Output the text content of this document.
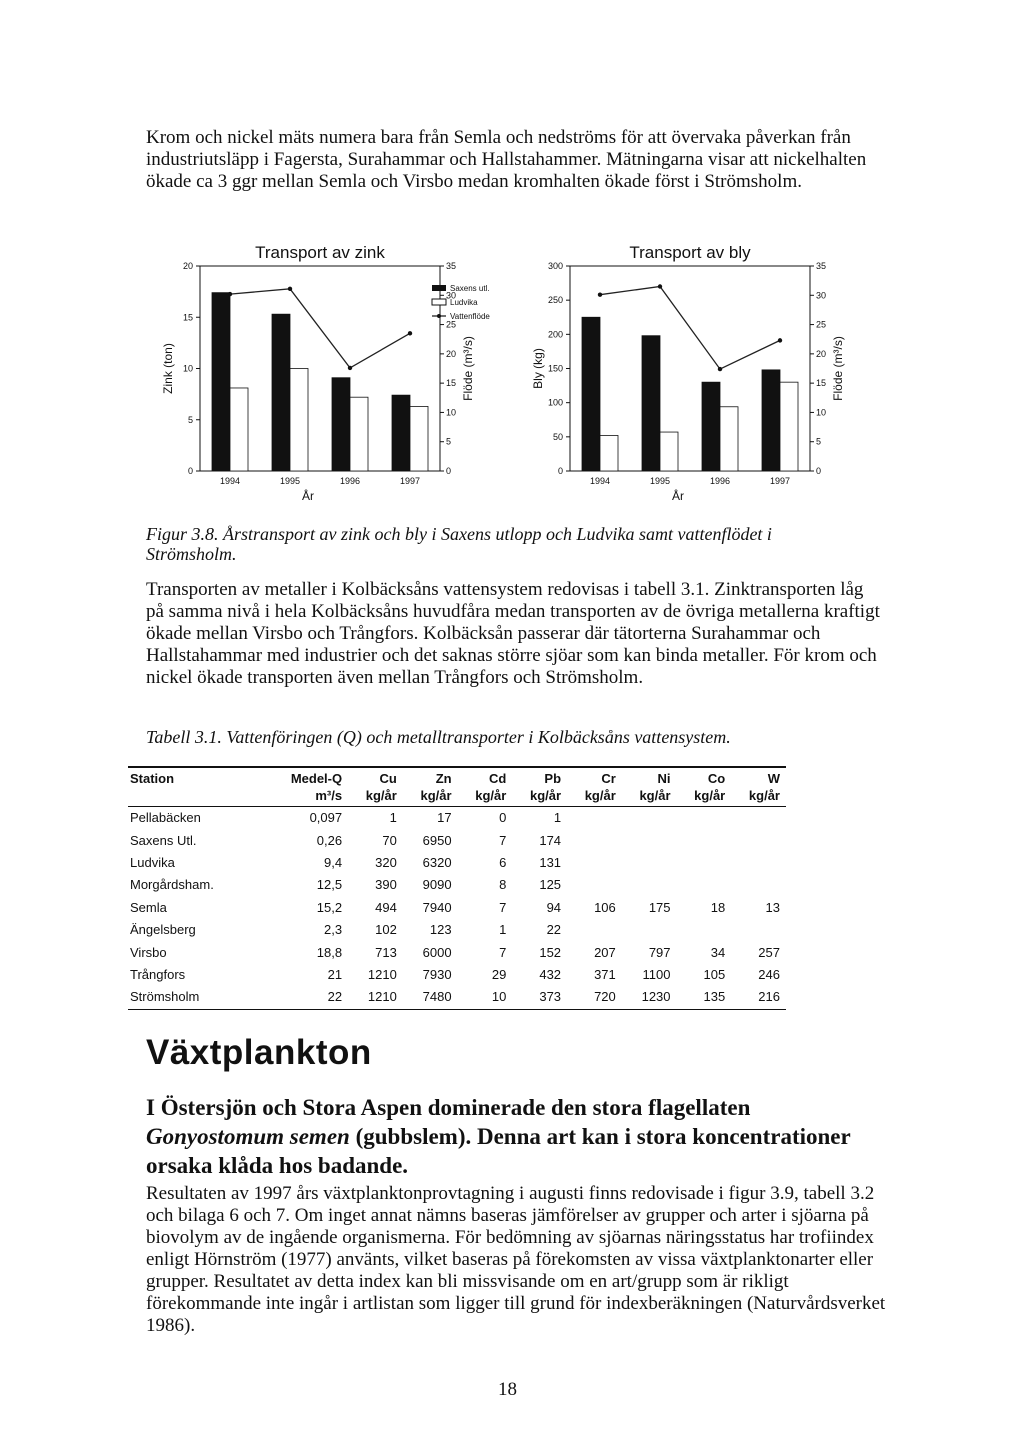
Krom och nickel mäts numera bara från Semla och nedströms för att övervaka påverkan från industriutsläpp i Fagersta, Surahammar och Hallstahammer. Mätningarna visar att nickelhalten ökade ca 3 ggr mellan Semla och Virsbo medan kromhalten ökade först i Strömsholm.

Transport av zink
0
5
10
15
20
0
5
10
15
20
25
30
35
1994	1995	1996	1997
År
Zink (ton)	Flöde (m³/s)
Saxens utl.
Ludvika
Vattenflöde
Transport av bly
0
50
100
150
200
250
300
0
5
10
15
20
25
30
35
1994	1995	1996	1997
År
Bly (kg)	Flöde (m³/s)

Figur 3.8. Årstransport av zink och bly i Saxens utlopp och Ludvika samt vattenflödet i Strömsholm.

Transporten av metaller i Kolbäcksåns vattensystem redovisas i tabell 3.1. Zinktransporten låg på samma nivå i hela Kolbäcksåns huvudfåra medan transporten av de övriga metallerna kraftigt ökade mellan Virsbo och Trångfors. Kolbäcksån passerar där tätorterna Surahammar och Hallstahammar med industrier och det saknas större sjöar som kan binda metaller. För krom och nickel ökade transporten även mellan Trångfors och Strömsholm.

Tabell 3.1. Vattenföringen (Q) och metalltransporter i Kolbäcksåns vattensystem.

Station	Medel-Q	Cu	Zn	Cd	Pb	Cr	Ni	Co	W
	m³/s	kg/år	kg/år	kg/år	kg/år	kg/år	kg/år	kg/år	kg/år
Pellabäcken	0,097	1	17	0	1				
Saxens Utl.	0,26	70	6950	7	174				
Ludvika	9,4	320	6320	6	131				
Morgårdsham.	12,5	390	9090	8	125				
Semla	15,2	494	7940	7	94	106	175	18	13
Ängelsberg	2,3	102	123	1	22				
Virsbo	18,8	713	6000	7	152	207	797	34	257
Trångfors	21	1210	7930	29	432	371	1100	105	246
Strömsholm	22	1210	7480	10	373	720	1230	135	216
Växtplankton

I Östersjön och Stora Aspen dominerade den stora flagellaten Gonyostomum semen (gubbslem). Denna art kan i stora koncentrationer orsaka klåda hos badande.

Resultaten av 1997 års växtplanktonprovtagning i augusti finns redovisade i figur 3.9, tabell 3.2 och bilaga 6 och 7. Om inget annat nämns baseras jämförelser av grupper och arter i sjöarna på biovolym av de ingående organismerna. För bedömning av sjöarnas näringsstatus har trofiindex enligt Hörnström (1977) använts, vilket baseras på förekomsten av vissa växtplanktonarter eller grupper. Resultatet av detta index kan bli missvisande om en art/grupp som är rikligt förekommande inte ingår i artlistan som ligger till grund för indexberäkningen (Naturvårdsverket 1986).

18
